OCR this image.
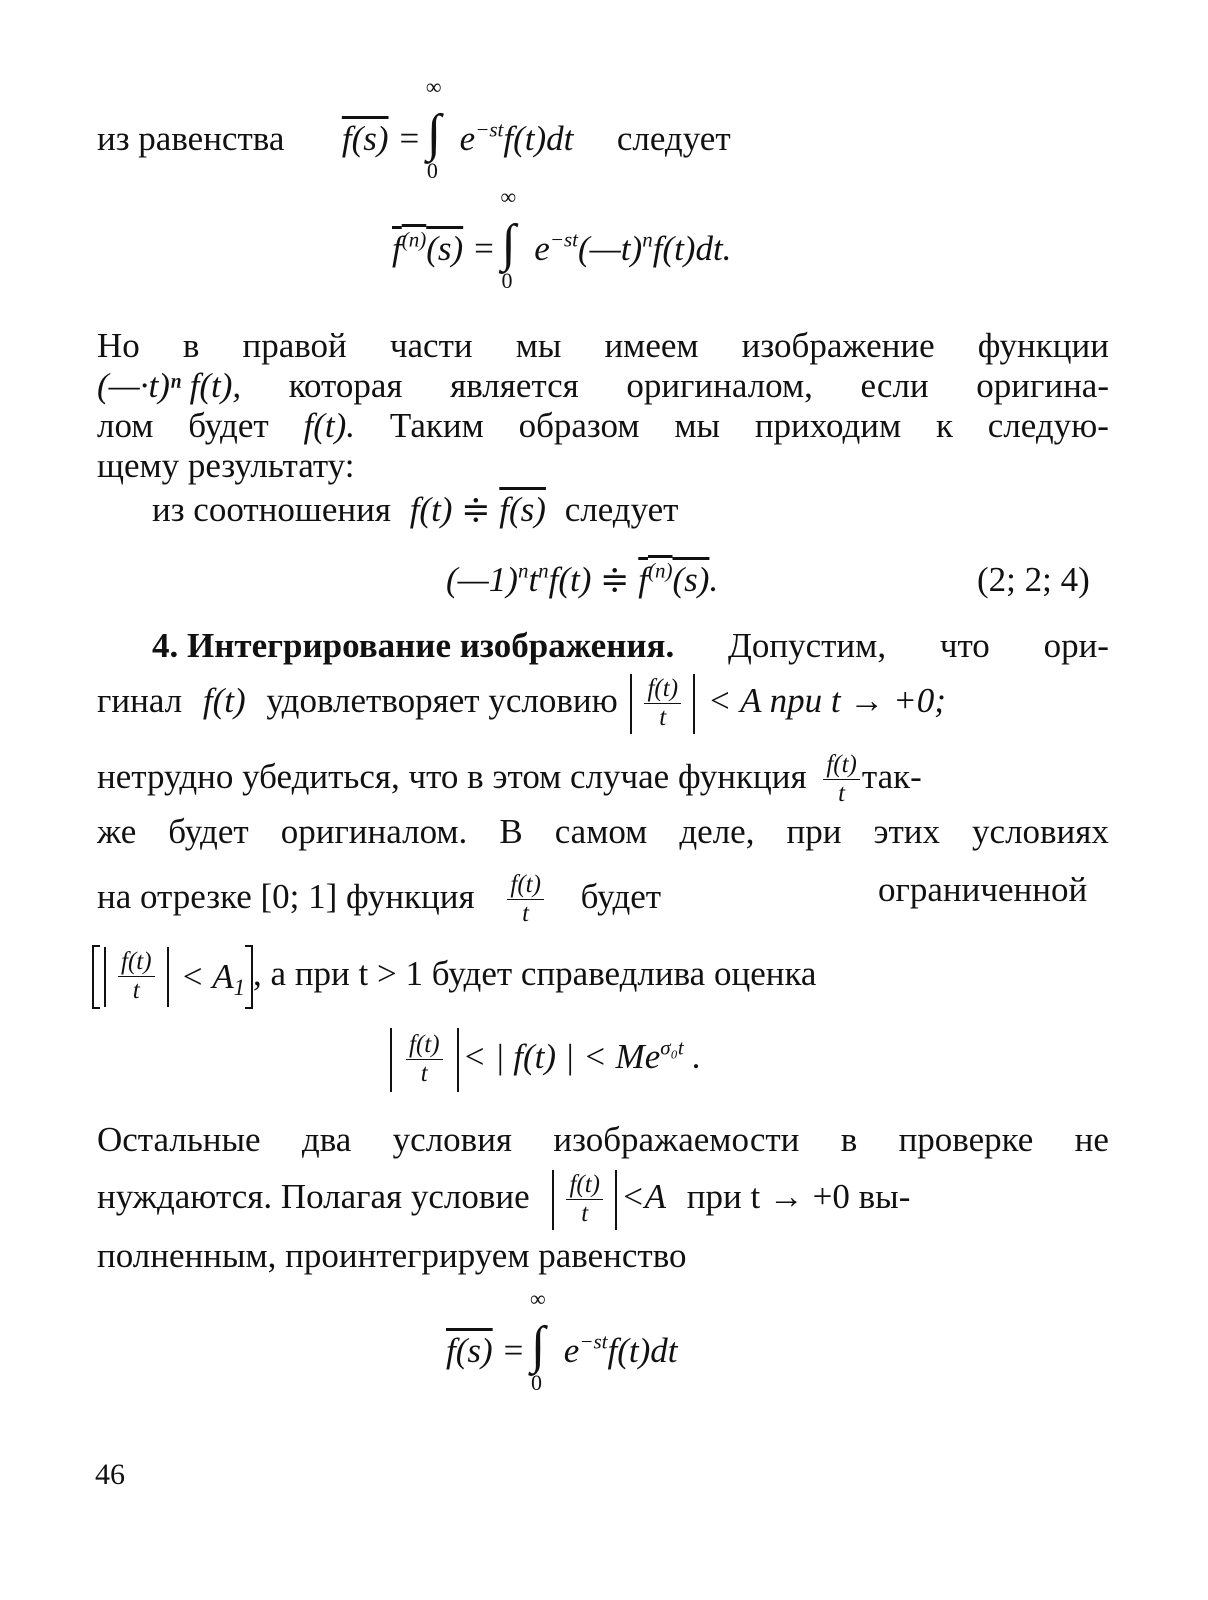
из равенства f(s) =
∞
∫
0
$e^{-st}f(t)dt$ следует
$f^{(n)}(s)$ =
∞
∫
0
$e^{-st}(—t)^nf(t)dt$.
Но в правой части мы имеем изображение функции
(—·t)ⁿ f(t), которая является оригиналом, если оригина-
лом будет f(t). Таким образом мы приходим к следую-
щему результату:
из соотношения f(t) ≑ f(s) следует
$(—1)^nt^nf(t)$ ≑ $f^{(n)}(s)$.	(2; 2; 4)
4. Интегрирование изображения. Допустим, что ори-
гинал f(t) удовлетворяет условию $\frac{f(t)}{t} < A$ при t → +0;
нетрудно убедиться, что в этом случае функция $\frac{f(t)}{t} так-$
же будет оригиналом. В самом деле, при этих условиях
на отрезке [0; 1] функция $\frac{f(t)}{t}$ будет	ограниченной
$\frac{f(t)}{t} < A_1$ , а при t > 1 будет справедлива оценка
$\frac{f(t)}{t}$ < | f(t) | < $Me^{\sigma_0t}$ .
Остальные два условия изображаемости в проверке не
нуждаются. Полагая условие $\frac{f(t)}{t} <A$ при t → +0 вы-
полненным, проинтегрируем равенство
f(s) =
∞
∫
0
$e^{-st}f(t)dt$
46
